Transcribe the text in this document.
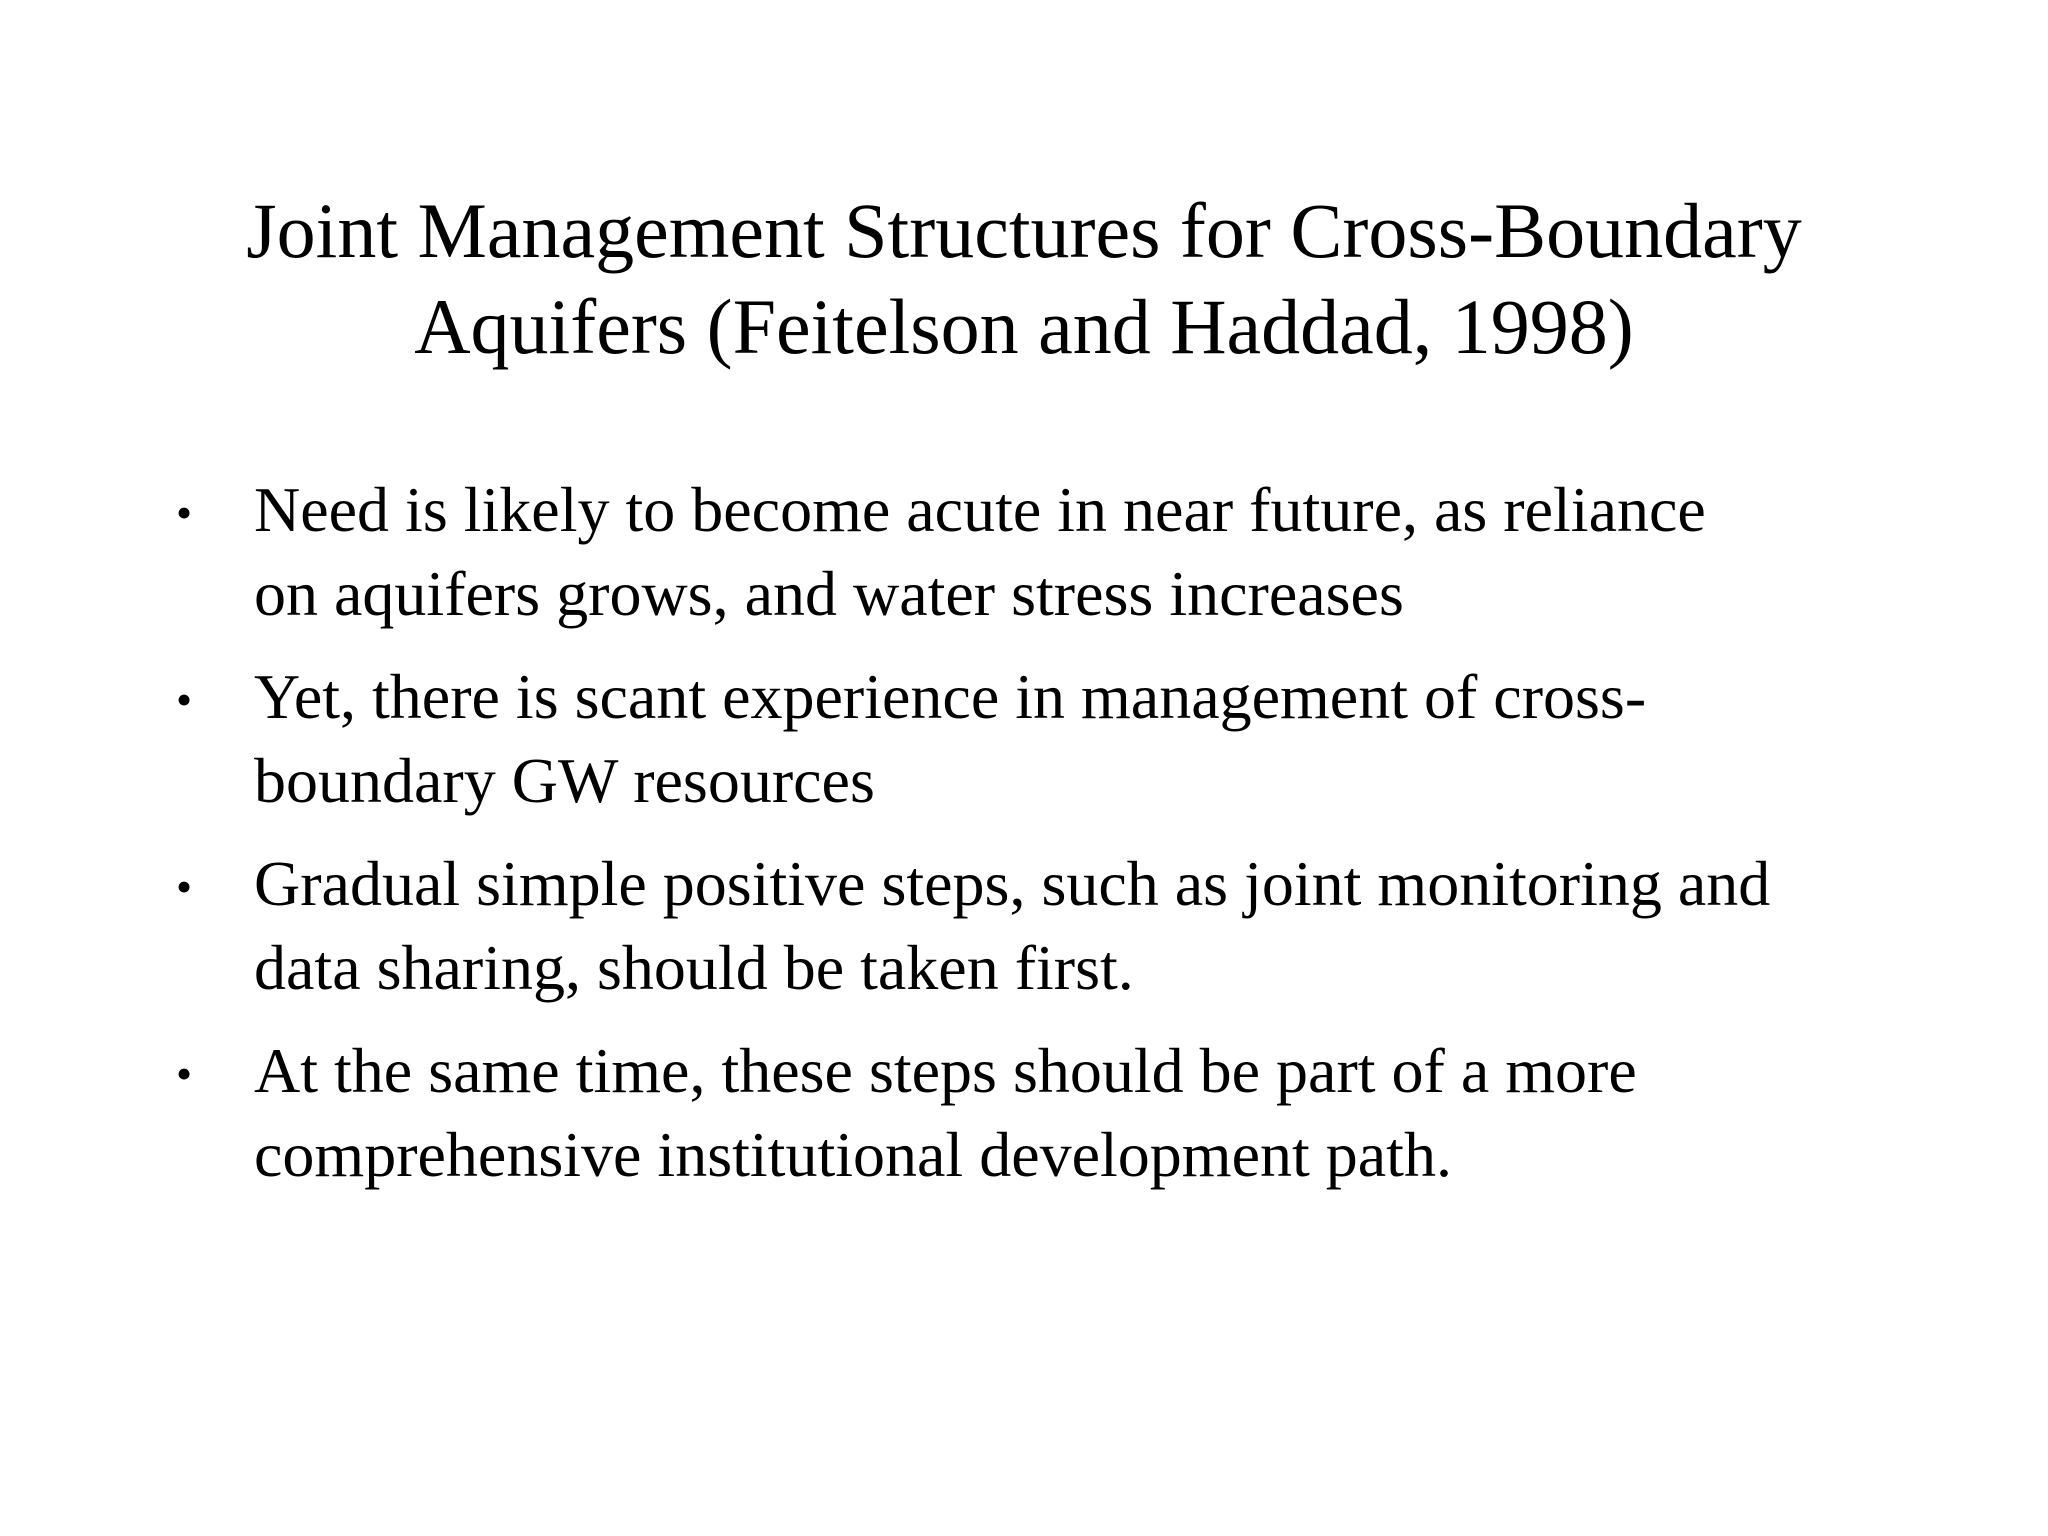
Joint Management Structures for Cross-Boundary
Aquifers (Feitelson and Haddad, 1998)
• Need is likely to become acute in near future, as reliance
on aquifers grows, and water stress increases
• Yet, there is scant experience in management of cross-
boundary GW resources
• Gradual simple positive steps, such as joint monitoring and
data sharing, should be taken first.
• At the same time, these steps should be part of a more
comprehensive institutional development path.
